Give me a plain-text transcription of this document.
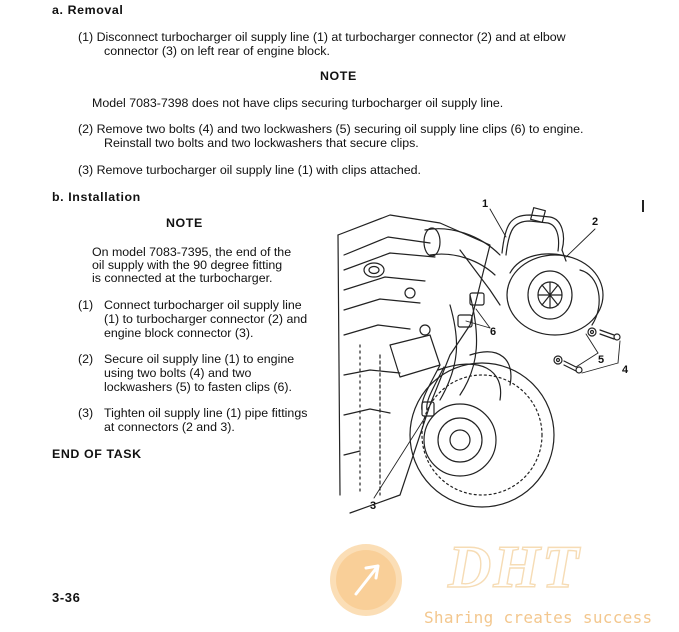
a. Removal

(1) Disconnect turbocharger oil supply line (1) at turbocharger connector (2) and at elbow

connector (3) on left rear of engine block.

NOTE

Model 7083-7398 does not have clips securing turbocharger oil supply line.

(2) Remove two bolts (4) and two lockwashers (5) securing oil supply line clips (6) to engine.

Reinstall two bolts and two lockwashers that secure clips.

(3) Remove turbocharger oil supply line (1) with clips attached.

b. Installation

NOTE

On model 7083-7395, the end of the

oil supply with the 90 degree fitting

is connected at the turbocharger.

(1) Connect turbocharger oil supply line

(1) to turbocharger connector (2) and

engine block connector (3).

(2) Secure oil supply line (1) to engine

using two bolts (4) and two

lockwashers (5) to fasten clips (6).

(3) Tighten oil supply line (1) pipe fittings

at connectors (2 and 3).

END OF TASK

1
2
6
5
4
3

3-36	DHT
Sharing creates success
